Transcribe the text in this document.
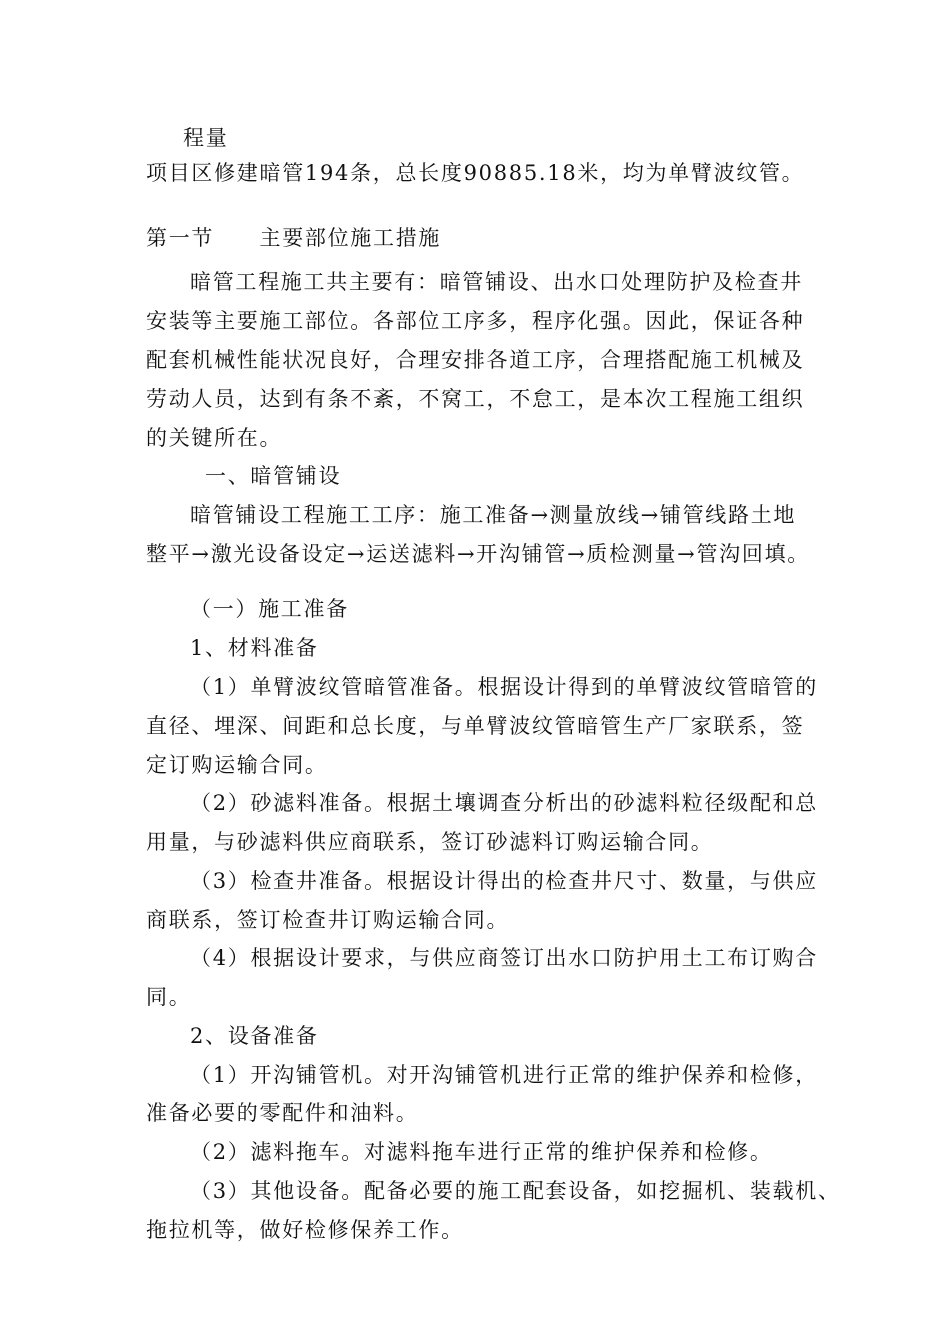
程量
项目区修建暗管194条，总长度90885.18米，均为单臂波纹管。
第一节　　主要部位施工措施
暗管工程施工共主要有：暗管铺设、出水口处理防护及检查井
安装等主要施工部位。各部位工序多，程序化强。因此，保证各种
配套机械性能状况良好，合理安排各道工序，合理搭配施工机械及
劳动人员，达到有条不紊，不窝工，不怠工，是本次工程施工组织
的关键所在。
一、暗管铺设
暗管铺设工程施工工序：施工准备→测量放线→铺管线路土地
整平→激光设备设定→运送滤料→开沟铺管→质检测量→管沟回填。
（一）施工准备
1、材料准备
（1）单臂波纹管暗管准备。根据设计得到的单臂波纹管暗管的
直径、埋深、间距和总长度，与单臂波纹管暗管生产厂家联系，签
定订购运输合同。
（2）砂滤料准备。根据土壤调查分析出的砂滤料粒径级配和总
用量，与砂滤料供应商联系，签订砂滤料订购运输合同。
（3）检查井准备。根据设计得出的检查井尺寸、数量，与供应
商联系，签订检查井订购运输合同。
（4）根据设计要求，与供应商签订出水口防护用土工布订购合
同。
2、设备准备
（1）开沟铺管机。对开沟铺管机进行正常的维护保养和检修，
准备必要的零配件和油料。
（2）滤料拖车。对滤料拖车进行正常的维护保养和检修。
（3）其他设备。配备必要的施工配套设备，如挖掘机、装载机、
拖拉机等，做好检修保养工作。
